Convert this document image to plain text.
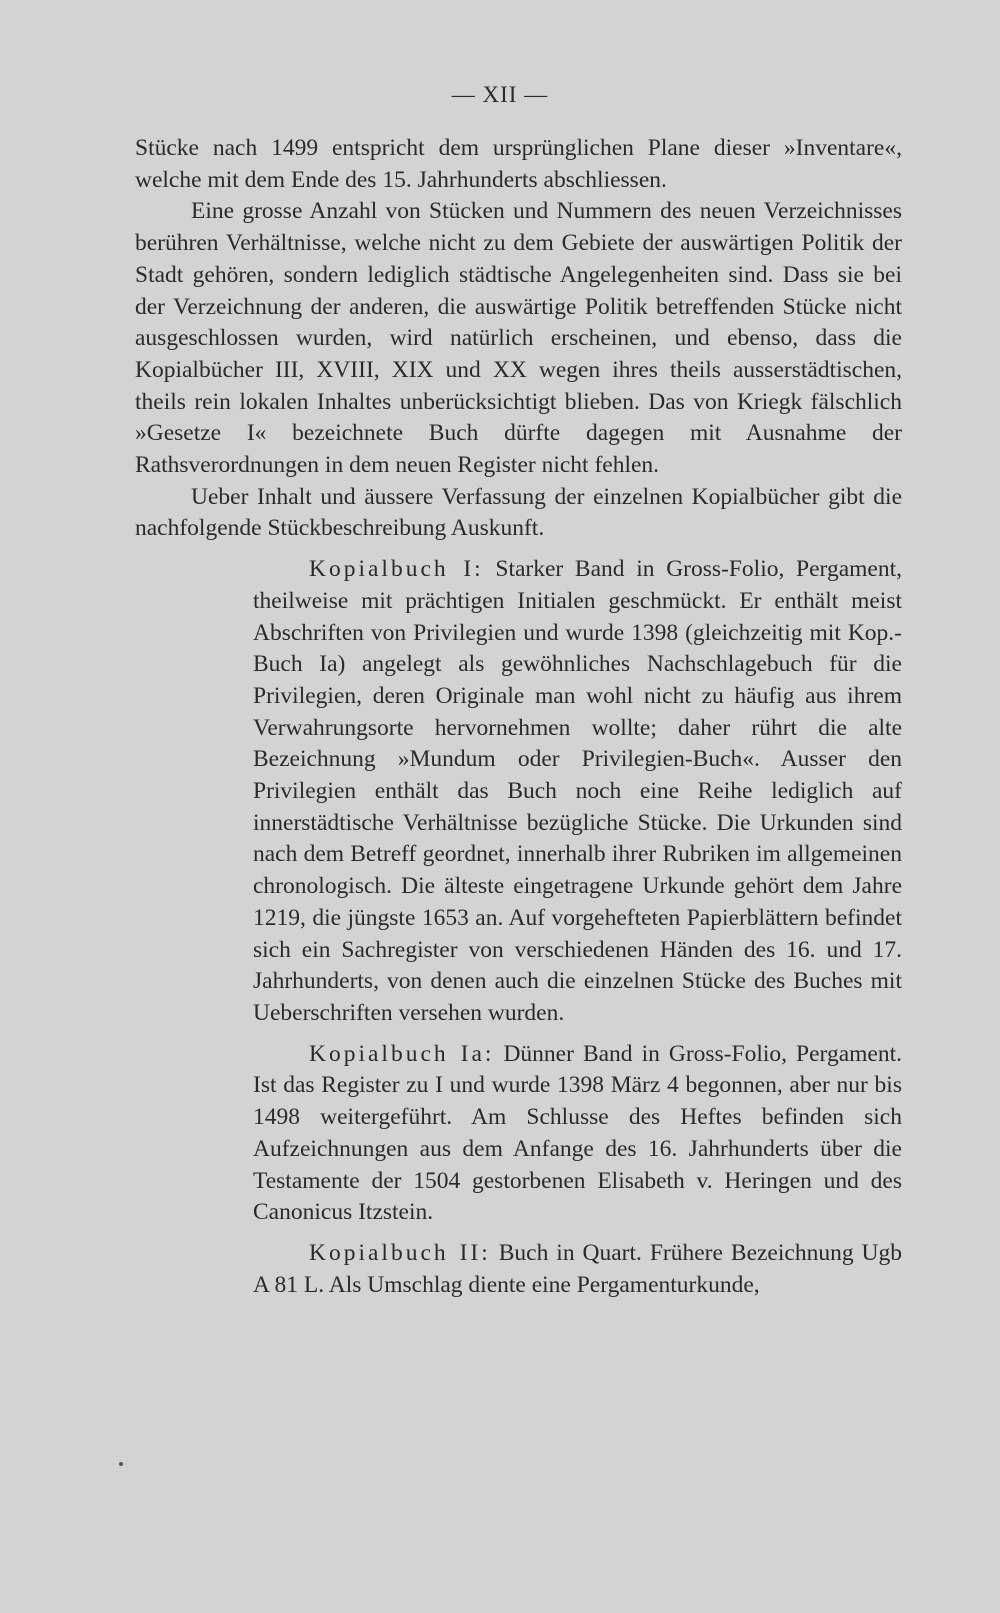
— XII —

Stücke nach 1499 entspricht dem ursprünglichen Plane dieser »Inventare«, welche mit dem Ende des 15. Jahrhunderts abschliessen.

Eine grosse Anzahl von Stücken und Nummern des neuen Verzeichnisses berühren Verhältnisse, welche nicht zu dem Gebiete der auswärtigen Politik der Stadt gehören, sondern lediglich städtische Angelegenheiten sind. Dass sie bei der Verzeichnung der anderen, die auswärtige Politik betreffenden Stücke nicht ausgeschlossen wurden, wird natürlich erscheinen, und ebenso, dass die Kopialbücher III, XVIII, XIX und XX wegen ihres theils ausserstädtischen, theils rein lokalen Inhaltes unberücksichtigt blieben. Das von Kriegk fälschlich »Gesetze I« bezeichnete Buch dürfte dagegen mit Ausnahme der Rathsverordnungen in dem neuen Register nicht fehlen.

Ueber Inhalt und äussere Verfassung der einzelnen Kopialbücher gibt die nachfolgende Stückbeschreibung Auskunft.

Kopialbuch I: Starker Band in Gross-Folio, Pergament, theilweise mit prächtigen Initialen geschmückt. Er enthält meist Abschriften von Privilegien und wurde 1398 (gleichzeitig mit Kop.-Buch Ia) angelegt als gewöhnliches Nachschlagebuch für die Privilegien, deren Originale man wohl nicht zu häufig aus ihrem Verwahrungsorte hervornehmen wollte; daher rührt die alte Bezeichnung »Mundum oder Privilegien-Buch«. Ausser den Privilegien enthält das Buch noch eine Reihe lediglich auf innerstädtische Verhältnisse bezügliche Stücke. Die Urkunden sind nach dem Betreff geordnet, innerhalb ihrer Rubriken im allgemeinen chronologisch. Die älteste eingetragene Urkunde gehört dem Jahre 1219, die jüngste 1653 an. Auf vorgehefteten Papierblättern befindet sich ein Sachregister von verschiedenen Händen des 16. und 17. Jahrhunderts, von denen auch die einzelnen Stücke des Buches mit Ueberschriften versehen wurden.

Kopialbuch Ia: Dünner Band in Gross-Folio, Pergament. Ist das Register zu I und wurde 1398 März 4 begonnen, aber nur bis 1498 weitergeführt. Am Schlusse des Heftes befinden sich Aufzeichnungen aus dem Anfange des 16. Jahrhunderts über die Testamente der 1504 gestorbenen Elisabeth v. Heringen und des Canonicus Itzstein.

Kopialbuch II: Buch in Quart. Frühere Bezeichnung Ugb A 81 L. Als Umschlag diente eine Pergamenturkunde,
